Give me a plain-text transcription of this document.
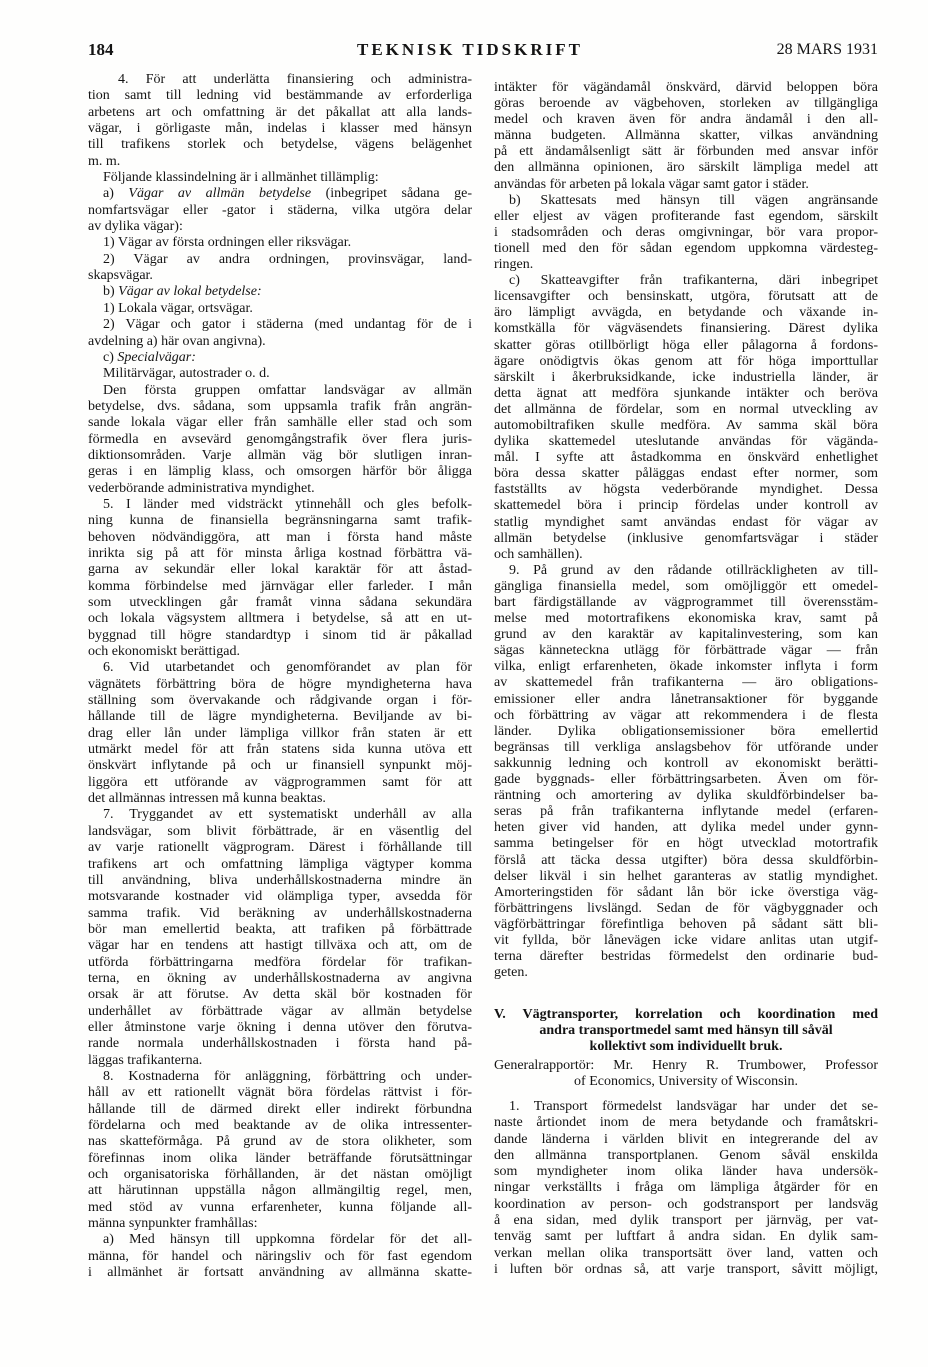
184	TEKNISK TIDSKRIFT	28 MARS 1931
4. För att underlätta finansiering och administra-
tion samt till ledning vid bestämmande av erforderliga
arbetens art och omfattning är det påkallat att alla lands-
vägar, i görligaste mån, indelas i klasser med hänsyn
till trafikens storlek och betydelse, vägens belägenhet
m. m.
Följande klassindelning är i allmänhet tillämplig:
a) Vägar av allmän betydelse (inbegripet sådana ge-
nomfartsvägar eller -gator i städerna, vilka utgöra delar
av dylika vägar):
1) Vägar av första ordningen eller riksvägar.
2) Vägar av andra ordningen, provinsvägar, land-
skapsvägar.
b) Vägar av lokal betydelse:
1) Lokala vägar, ortsvägar.
2) Vägar och gator i städerna (med undantag för de i
avdelning a) här ovan angivna).
c) Specialvägar:
Militärvägar, autostrader o. d.
Den första gruppen omfattar landsvägar av allmän
betydelse, dvs. sådana, som uppsamla trafik från angrän-
sande lokala vägar eller från samhälle eller stad och som
förmedla en avsevärd genomgångstrafik över flera juris-
diktionsområden. Varje allmän väg bör slutligen inran-
geras i en lämplig klass, och omsorgen härför bör åligga
vederbörande administrativa myndighet.
5. I länder med vidsträckt ytinnehåll och gles befolk-
ning kunna de finansiella begränsningarna samt trafik-
behoven nödvändiggöra, att man i första hand måste
inrikta sig på att för minsta årliga kostnad förbättra vä-
garna av sekundär eller lokal karaktär för att åstad-
komma förbindelse med järnvägar eller farleder. I mån
som utvecklingen går framåt vinna sådana sekundära
och lokala vägsystem alltmera i betydelse, så att en ut-
byggnad till högre standardtyp i sinom tid är påkallad
och ekonomiskt berättigad.
6. Vid utarbetandet och genomförandet av plan för
vägnätets förbättring böra de högre myndigheterna hava
ställning som övervakande och rådgivande organ i för-
hållande till de lägre myndigheterna. Beviljande av bi-
drag eller lån under lämpliga villkor från staten är ett
utmärkt medel för att från statens sida kunna utöva ett
önskvärt inflytande på och ur finansiell synpunkt möj-
liggöra ett utförande av vägprogrammen samt för att
det allmännas intressen må kunna beaktas.
7. Tryggandet av ett systematiskt underhåll av alla
landsvägar, som blivit förbättrade, är en väsentlig del
av varje rationellt vägprogram. Därest i förhållande till
trafikens art och omfattning lämpliga vägtyper komma
till användning, bliva underhållskostnaderna mindre än
motsvarande kostnader vid olämpliga typer, avsedda för
samma trafik. Vid beräkning av underhållskostnaderna
bör man emellertid beakta, att trafiken på förbättrade
vägar har en tendens att hastigt tillväxa och att, om de
utförda förbättringarna medföra fördelar för trafikan-
terna, en ökning av underhållskostnaderna av angivna
orsak är att förutse. Av detta skäl bör kostnaden för
underhållet av förbättrade vägar av allmän betydelse
eller åtminstone varje ökning i denna utöver den förutva-
rande normala underhållskostnaden i första hand på-
läggas trafikanterna.
8. Kostnaderna för anläggning, förbättring och under-
håll av ett rationellt vägnät böra fördelas rättvist i för-
hållande till de därmed direkt eller indirekt förbundna
fördelarna och med beaktande av de olika intressenter-
nas skatteförmåga. På grund av de stora olikheter, som
förefinnas inom olika länder beträffande förutsättningar
och organisatoriska förhållanden, är det nästan omöjligt
att härutinnan uppställa någon allmängiltig regel, men,
med stöd av vunna erfarenheter, kunna följande all-
männa synpunkter framhållas:
a) Med hänsyn till uppkomna fördelar för det all-
männa, för handel och näringsliv och för fast egendom
i allmänhet är fortsatt användning av allmänna skatte-
intäkter för vägändamål önskvärd, därvid beloppen böra
göras beroende av vägbehoven, storleken av tillgängliga
medel och kraven även för andra ändamål i den all-
männa budgeten. Allmänna skatter, vilkas användning
på ett ändamålsenligt sätt är förbunden med ansvar inför
den allmänna opinionen, äro särskilt lämpliga medel att
användas för arbeten på lokala vägar samt gator i städer.
b) Skattesats med hänsyn till vägen angränsande
eller eljest av vägen profiterande fast egendom, särskilt
i stadsområden och deras omgivningar, bör vara propor-
tionell med den för sådan egendom uppkomna värdesteg-
ringen.
c) Skatteavgifter från trafikanterna, däri inbegripet
licensavgifter och bensinskatt, utgöra, förutsatt att de
äro lämpligt avvägda, en betydande och växande in-
komstkälla för vägväsendets finansiering. Därest dylika
skatter göras otillbörligt höga eller pålagorna å fordons-
ägare onödigtvis ökas genom att för höga importtullar
särskilt i åkerbruksidkande, icke industriella länder, är
detta ägnat att medföra sjunkande intäkter och beröva
det allmänna de fördelar, som en normal utveckling av
automobiltrafiken skulle medföra. Av samma skäl böra
dylika skattemedel uteslutande användas för vägända-
mål. I syfte att åstadkomma en önskvärd enhetlighet
böra dessa skatter påläggas endast efter normer, som
fastställts av högsta vederbörande myndighet. Dessa
skattemedel böra i princip fördelas under kontroll av
statlig myndighet samt användas endast för vägar av
allmän betydelse (inklusive genomfartsvägar i städer
och samhällen).
9. På grund av den rådande otillräckligheten av till-
gängliga finansiella medel, som omöjliggör ett omedel-
bart färdigställande av vägprogrammet till överensstäm-
melse med motortrafikens ekonomiska krav, samt på
grund av den karaktär av kapitalinvestering, som kan
sägas känneteckna utlägg för förbättrade vägar — från
vilka, enligt erfarenheten, ökade inkomster inflyta i form
av skattemedel från trafikanterna — äro obligations-
emissioner eller andra lånetransaktioner för byggande
och förbättring av vägar att rekommendera i de flesta
länder. Dylika obligationsemissioner böra emellertid
begränsas till verkliga anslagsbehov för utförande under
sakkunnig ledning och kontroll av ekonomiskt berätti-
gade byggnads- eller förbättringsarbeten. Även om för-
räntning och amortering av dylika skuldförbindelser ba-
seras på från trafikanterna inflytande medel (erfaren-
heten giver vid handen, att dylika medel under gynn-
samma betingelser för en högt utvecklad motortrafik
förslå att täcka dessa utgifter) böra dessa skuldförbin-
delser likväl i sin helhet garanteras av statlig myndighet.
Amorteringstiden för sådant lån bör icke överstiga väg-
förbättringens livslängd. Sedan de för vägbyggnader och
vägförbättringar förefintliga behoven på sådant sätt bli-
vit fyllda, bör lånevägen icke vidare anlitas utan utgif-
terna därefter bestridas förmedelst den ordinarie bud-
geten.
V. Vägtransporter, korrelation och koordination med
andra transportmedel samt med hänsyn till såväl
kollektivt som individuellt bruk.
Generalrapportör: Mr. Henry R. Trumbower, Professor
of Economics, University of Wisconsin.
1. Transport förmedelst landsvägar har under det se-
naste årtiondet inom de mera betydande och framåtskri-
dande länderna i världen blivit en integrerande del av
den allmänna transportplanen. Genom såväl enskilda
som myndigheter inom olika länder hava undersök-
ningar verkställts i fråga om lämpliga åtgärder för en
koordination av person- och godstransport per landsväg
å ena sidan, med dylik transport per järnväg, per vat-
tenväg samt per luftfart å andra sidan. En dylik sam-
verkan mellan olika transportsätt över land, vatten och
i luften bör ordnas så, att varje transport, såvitt möjligt,
